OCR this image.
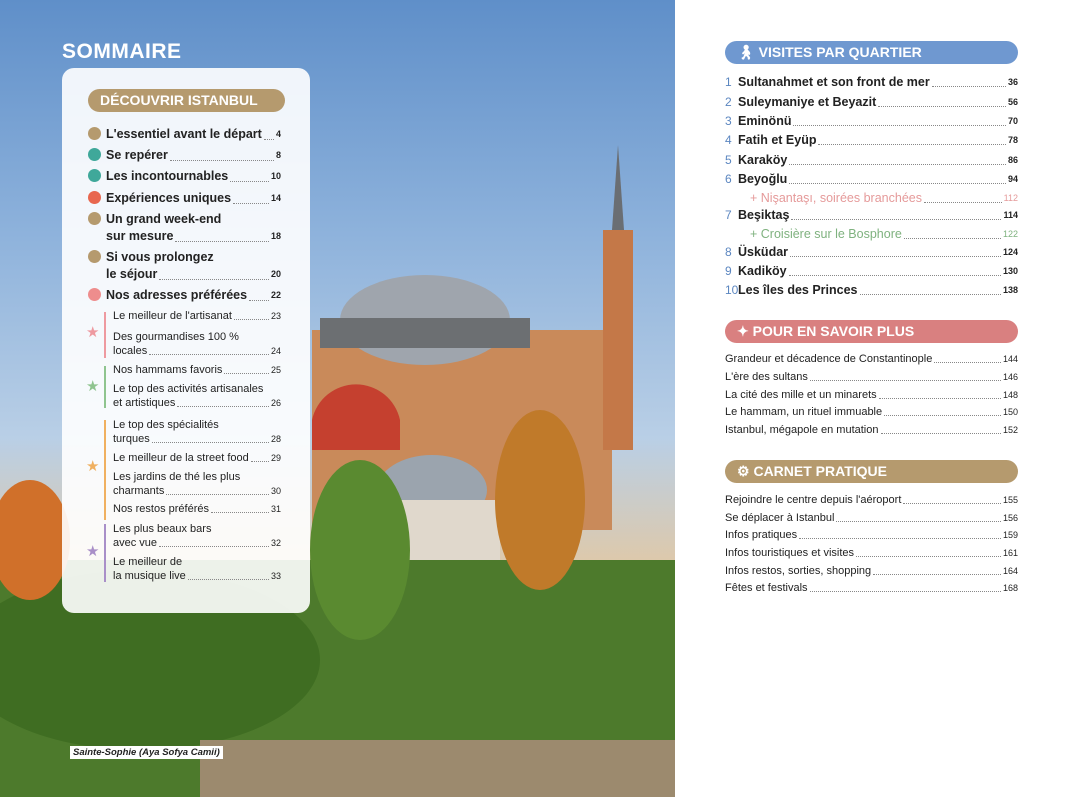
SOMMAIRE
DÉCOUVRIR ISTANBUL
L'essentiel avant le départ 4
Se repérer	8
Les incontournables	10
Expériences uniques	14
Un grand week-end
sur mesure	18
Si vous prolongez
le séjour	20
Nos adresses préférées	22
Le meilleur de l'artisanat	23
Des gourmandises 100 %
locales	24
Nos hammams favoris	25
Le top des activités artisanales
et artistiques	26
Le top des spécialités
turques	28
Le meilleur de la street food 29
Les jardins de thé les plus
charmants	30
Nos restos préférés	31
Les plus beaux bars
avec vue	32
Le meilleur de
la musique live	33
★
★
★
★
Sainte-Sophie (Aya Sofya Camii)
🚶︎ VISITES PAR QUARTIER
✦ POUR EN SAVOIR PLUS
⚙ CARNET PRATIQUE
1 Sultanahmet et son front de mer	36
2 Suleymaniye et Beyazit	56
3 Eminönü	70
4 Fatih et Eyüp	78
5 Karaköy	86
6 Beyoğlu	94
+ Nişantaşı, soirées branchées	112
7 Beşiktaş	114
+ Croisière sur le Bosphore	122
8 Üsküdar	124
9 Kadiköy	130
10 Les îles des Princes	138
Grandeur et décadence de Constantinople	144
L'ère des sultans	146
La cité des mille et un minarets	148
Le hammam, un rituel immuable	150
Istanbul, mégapole en mutation	152
Rejoindre le centre depuis l'aéroport	155
Se déplacer à Istanbul	156
Infos pratiques	159
Infos touristiques et visites	161
Infos restos, sorties, shopping	164
Fêtes et festivals	168
